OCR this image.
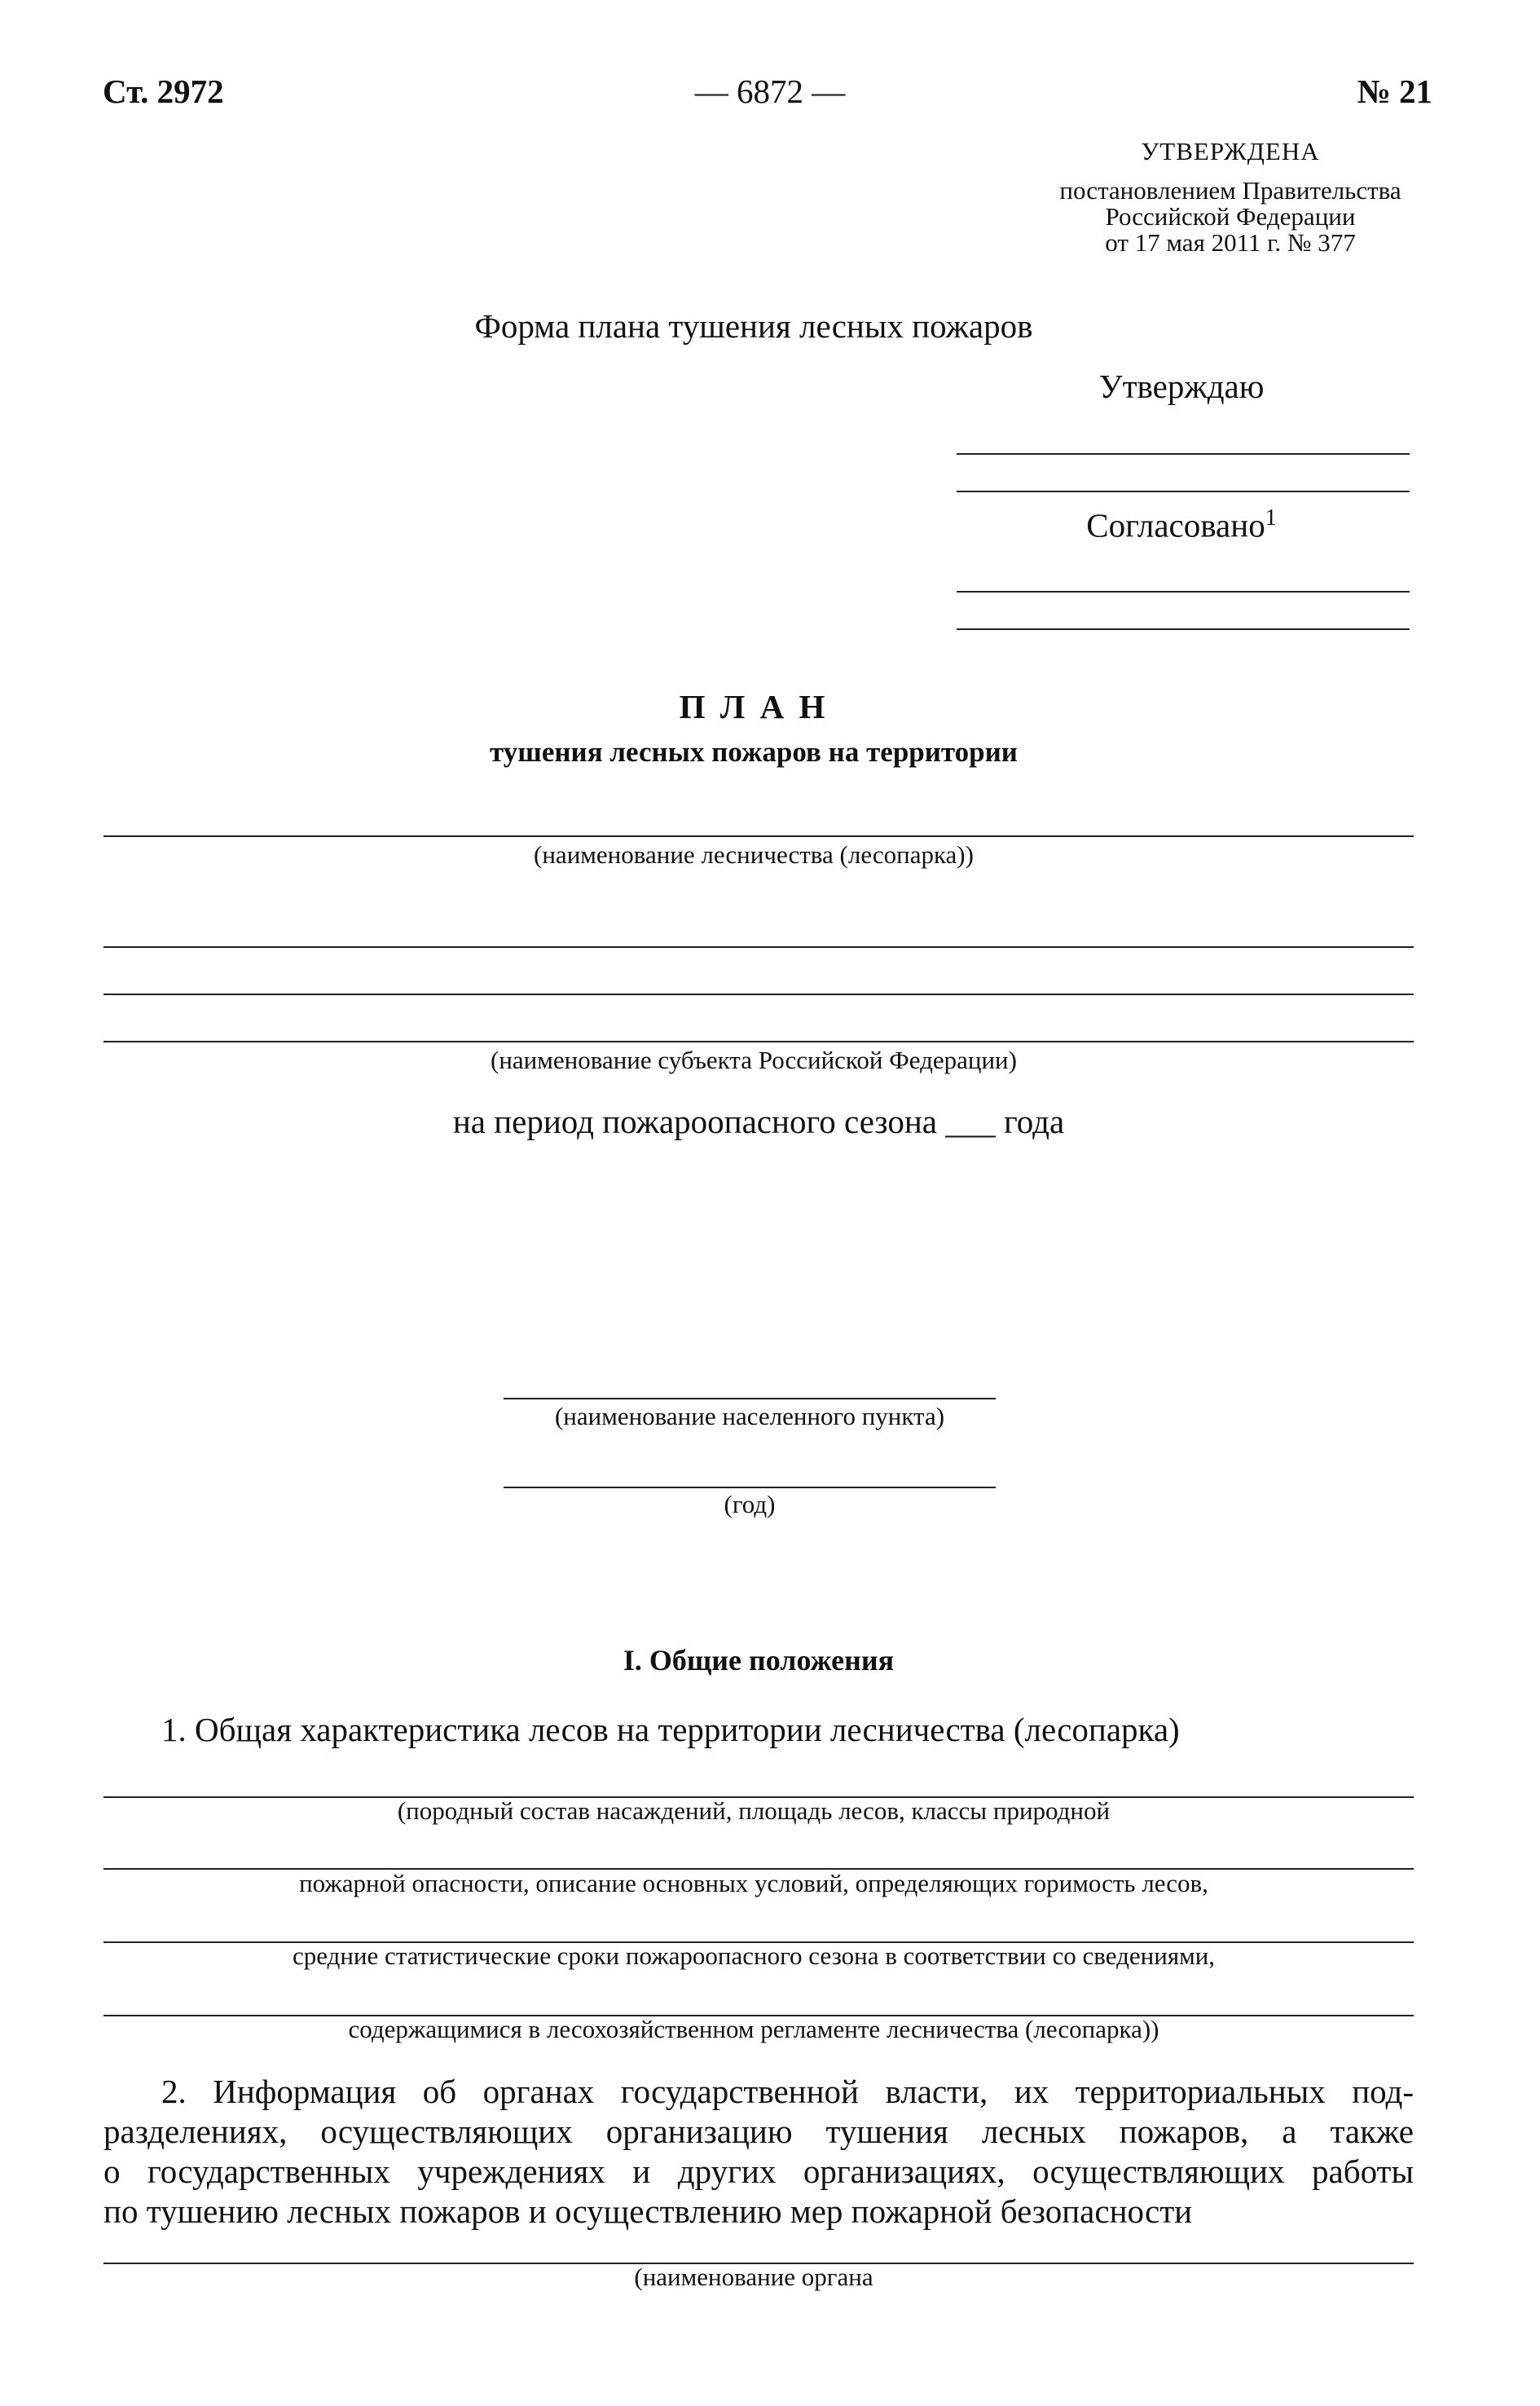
Ст. 2972	— 6872 —	№ 21
УТВЕРЖДЕНА
постановлением Правительства
Российской Федерации
от 17 мая 2011 г. № 377
Форма плана тушения лесных пожаров
Утверждаю
Согласовано$^1$
П Л А Н
тушения лесных пожаров на территории
(наименование лесничества (лесопарка))
(наименование субъекта Российской Федерации)
на период пожароопасного сезона ___ года
(наименование населенного пункта)
(год)
I. Общие положения
1. Общая характеристика лесов на территории лесничества (лесопарка)
(породный состав насаждений, площадь лесов, классы природной
пожарной опасности, описание основных условий, определяющих горимость лесов,
средние статистические сроки пожароопасного сезона в соответствии со сведениями,
содержащимися в лесохозяйственном регламенте лесничества (лесопарка))
2. Информация об органах государственной власти, их территориальных под-
разделениях, осуществляющих организацию тушения лесных пожаров, а также
о государственных учреждениях и других организациях, осуществляющих работы
по тушению лесных пожаров и осуществлению мер пожарной безопасности
(наименование органа
